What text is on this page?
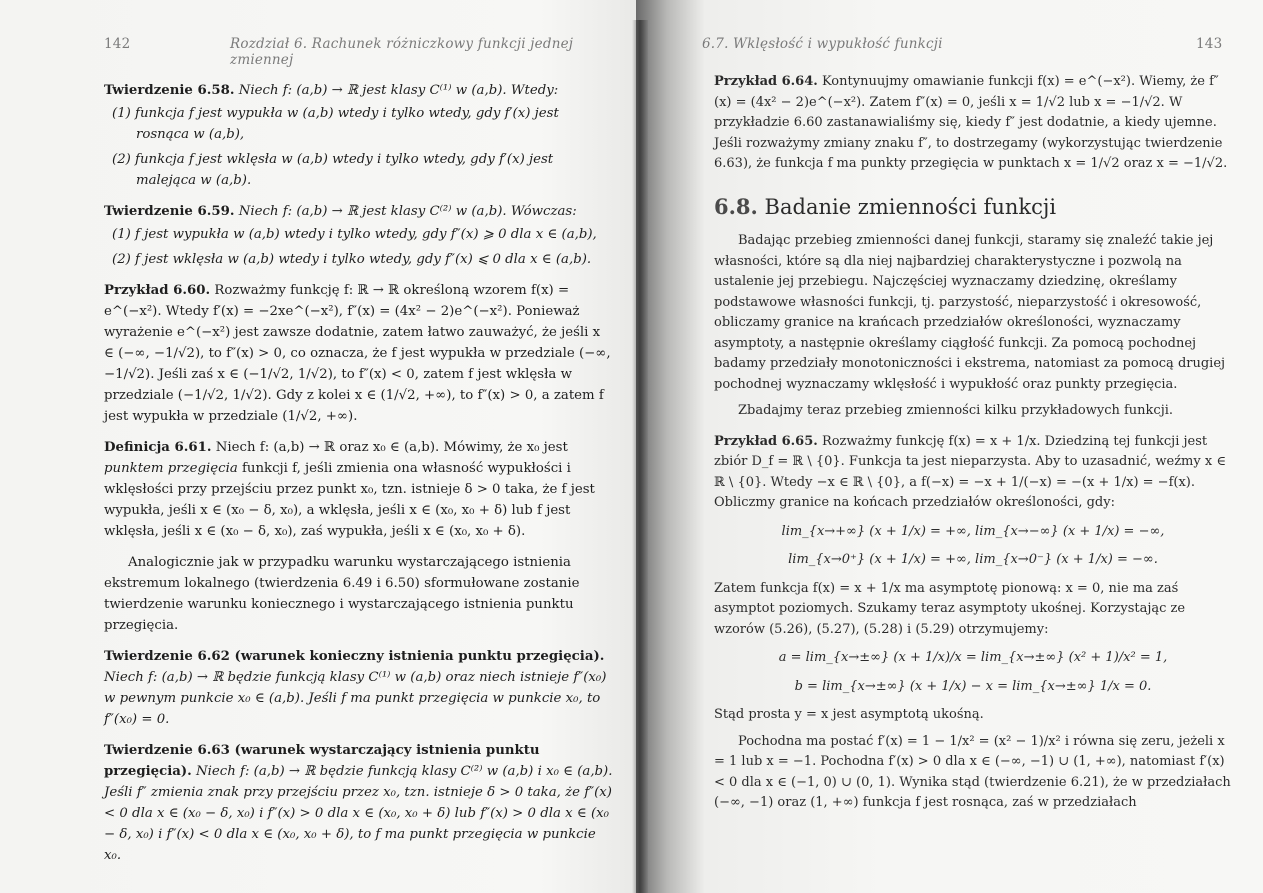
142	Rozdział 6. Rachunek różniczkowy funkcji jednej zmiennej
Twierdzenie 6.58. Niech f: (a,b) → ℝ jest klasy C⁽¹⁾ w (a,b). Wtedy:
(1) funkcja f jest wypukła w (a,b) wtedy i tylko wtedy, gdy f′(x) jest rosnąca w (a,b),
(2) funkcja f jest wklęsła w (a,b) wtedy i tylko wtedy, gdy f′(x) jest malejąca w (a,b).
Twierdzenie 6.59. Niech f: (a,b) → ℝ jest klasy C⁽²⁾ w (a,b). Wówczas:
(1) f jest wypukła w (a,b) wtedy i tylko wtedy, gdy f″(x) ⩾ 0 dla x ∈ (a,b),
(2) f jest wklęsła w (a,b) wtedy i tylko wtedy, gdy f″(x) ⩽ 0 dla x ∈ (a,b).
Przykład 6.60. Rozważmy funkcję f: ℝ → ℝ określoną wzorem f(x) = e^(−x²). Wtedy f′(x) = −2xe^(−x²), f″(x) = (4x² − 2)e^(−x²). Ponieważ wyrażenie e^(−x²) jest zawsze dodatnie, zatem łatwo zauważyć, że jeśli x ∈ (−∞, −1/√2), to f″(x) > 0, co oznacza, że f jest wypukła w przedziale (−∞, −1/√2). Jeśli zaś x ∈ (−1/√2, 1/√2), to f″(x) < 0, zatem f jest wklęsła w przedziale (−1/√2, 1/√2). Gdy z kolei x ∈ (1/√2, +∞), to f″(x) > 0, a zatem f jest wypukła w przedziale (1/√2, +∞).
Definicja 6.61. Niech f: (a,b) → ℝ oraz x₀ ∈ (a,b). Mówimy, że x₀ jest punktem przegięcia funkcji f, jeśli zmienia ona własność wypukłości i wklęsłości przy przejściu przez punkt x₀, tzn. istnieje δ > 0 taka, że f jest wypukła, jeśli x ∈ (x₀ − δ, x₀), a wklęsła, jeśli x ∈ (x₀, x₀ + δ) lub f jest wklęsła, jeśli x ∈ (x₀ − δ, x₀), zaś wypukła, jeśli x ∈ (x₀, x₀ + δ).
Analogicznie jak w przypadku warunku wystarczającego istnienia ekstremum lokalnego (twierdzenia 6.49 i 6.50) sformułowane zostanie twierdzenie warunku koniecznego i wystarczającego istnienia punktu przegięcia.
Twierdzenie 6.62 (warunek konieczny istnienia punktu przegięcia). Niech f: (a,b) → ℝ będzie funkcją klasy C⁽¹⁾ w (a,b) oraz niech istnieje f″(x₀) w pewnym punkcie x₀ ∈ (a,b). Jeśli f ma punkt przegięcia w punkcie x₀, to f″(x₀) = 0.
Twierdzenie 6.63 (warunek wystarczający istnienia punktu przegięcia). Niech f: (a,b) → ℝ będzie funkcją klasy C⁽²⁾ w (a,b) i x₀ ∈ (a,b). Jeśli f″ zmienia znak przy przejściu przez x₀, tzn. istnieje δ > 0 taka, że f″(x) < 0 dla x ∈ (x₀ − δ, x₀) i f″(x) > 0 dla x ∈ (x₀, x₀ + δ) lub f″(x) > 0 dla x ∈ (x₀ − δ, x₀) i f″(x) < 0 dla x ∈ (x₀, x₀ + δ), to f ma punkt przegięcia w punkcie x₀.
6.7. Wklęsłość i wypukłość funkcji	143
Przykład 6.64. Kontynuujmy omawianie funkcji f(x) = e^(−x²). Wiemy, że f″(x) = (4x² − 2)e^(−x²). Zatem f″(x) = 0, jeśli x = 1/√2 lub x = −1/√2. W przykładzie 6.60 zastanawialiśmy się, kiedy f″ jest dodatnie, a kiedy ujemne. Jeśli rozważymy zmiany znaku f″, to dostrzegamy (wykorzystując twierdzenie 6.63), że funkcja f ma punkty przegięcia w punktach x = 1/√2 oraz x = −1/√2.
6.8. Badanie zmienności funkcji
Badając przebieg zmienności danej funkcji, staramy się znaleźć takie jej własności, które są dla niej najbardziej charakterystyczne i pozwolą na ustalenie jej przebiegu. Najczęściej wyznaczamy dziedzinę, określamy podstawowe własności funkcji, tj. parzystość, nieparzystość i okresowość, obliczamy granice na krańcach przedziałów określoności, wyznaczamy asymptoty, a następnie określamy ciągłość funkcji. Za pomocą pochodnej badamy przedziały monotoniczności i ekstrema, natomiast za pomocą drugiej pochodnej wyznaczamy wklęsłość i wypukłość oraz punkty przegięcia.
Zbadajmy teraz przebieg zmienności kilku przykładowych funkcji.
Przykład 6.65. Rozważmy funkcję f(x) = x + 1/x. Dziedziną tej funkcji jest zbiór D_f = ℝ \ {0}. Funkcja ta jest nieparzysta. Aby to uzasadnić, weźmy x ∈ ℝ \ {0}. Wtedy −x ∈ ℝ \ {0}, a f(−x) = −x + 1/(−x) = −(x + 1/x) = −f(x). Obliczmy granice na końcach przedziałów określoności, gdy:
lim_{x→+∞} (x + 1/x) = +∞, lim_{x→−∞} (x + 1/x) = −∞,
lim_{x→0⁺} (x + 1/x) = +∞, lim_{x→0⁻} (x + 1/x) = −∞.
Zatem funkcja f(x) = x + 1/x ma asymptotę pionową: x = 0, nie ma zaś asymptot poziomych. Szukamy teraz asymptoty ukośnej. Korzystając ze wzorów (5.26), (5.27), (5.28) i (5.29) otrzymujemy:
a = lim_{x→±∞} (x + 1/x)/x = lim_{x→±∞} (x² + 1)/x² = 1,
b = lim_{x→±∞} (x + 1/x) − x = lim_{x→±∞} 1/x = 0.
Stąd prosta y = x jest asymptotą ukośną.
Pochodna ma postać f′(x) = 1 − 1/x² = (x² − 1)/x² i równa się zeru, jeżeli x = 1 lub x = −1. Pochodna f′(x) > 0 dla x ∈ (−∞, −1) ∪ (1, +∞), natomiast f′(x) < 0 dla x ∈ (−1, 0) ∪ (0, 1). Wynika stąd (twierdzenie 6.21), że w przedziałach (−∞, −1) oraz (1, +∞) funkcja f jest rosnąca, zaś w przedziałach
